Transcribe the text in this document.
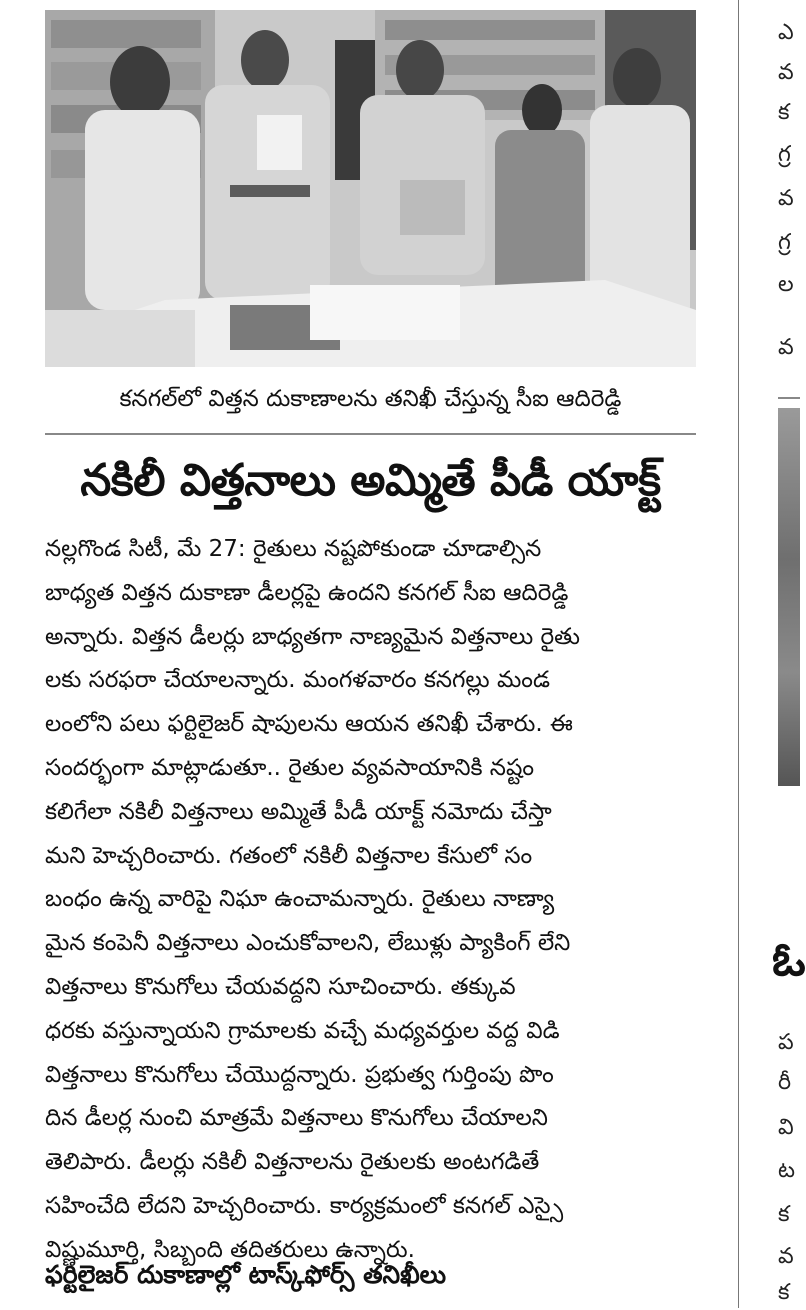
కనగల్‌లో విత్తన దుకాణాలను తనిఖీ చేస్తున్న సీఐ ఆదిరెడ్డి
నకిలీ విత్తనాలు అమ్మితే పీడీ యాక్ట్
నల్లగొండ సిటీ, మే 27: రైతులు నష్టపోకుండా చూడాల్సిన
బాధ్యత విత్తన దుకాణా డీలర్లపై ఉందని కనగల్ సీఐ ఆదిరెడ్డి
అన్నారు. విత్తన డీలర్లు బాధ్యతగా నాణ్యమైన విత్తనాలు రైతు
లకు సరఫరా చేయాలన్నారు. మంగళవారం కనగల్లు మండ
లంలోని పలు ఫర్టిలైజర్ షాపులను ఆయన తనిఖీ చేశారు. ఈ
సందర్భంగా మాట్లాడుతూ.. రైతుల వ్యవసాయానికి నష్టం
కలిగేలా నకిలీ విత్తనాలు అమ్మితే పీడీ యాక్ట్ నమోదు చేస్తా
మని హెచ్చరించారు. గతంలో నకిలీ విత్తనాల కేసులో సం
బంధం ఉన్న వారిపై నిఘా ఉంచామన్నారు. రైతులు నాణ్యా
మైన కంపెనీ విత్తనాలు ఎంచుకోవాలని, లేబుళ్లు ప్యాకింగ్ లేని
విత్తనాలు కొనుగోలు చేయవద్దని సూచించారు. తక్కువ
ధరకు వస్తున్నాయని గ్రామాలకు వచ్చే మధ్యవర్తుల వద్ద విడి
విత్తనాలు కొనుగోలు చేయొద్దన్నారు. ప్రభుత్వ గుర్తింపు పొం
దిన డీలర్ల నుంచి మాత్రమే విత్తనాలు కొనుగోలు చేయాలని
తెలిపారు. డీలర్లు నకిలీ విత్తనాలను రైతులకు అంటగడితే
సహించేది లేదని హెచ్చరించారు. కార్యక్రమంలో కనగల్ ఎస్సై
విష్ణుమూర్తి, సిబ్బంది తదితరులు ఉన్నారు.
ఫర్టిలైజర్ దుకాణాల్లో టాస్క్‌ఫోర్స్ తనిఖీలు
ఎ
వ
క
గ్ర
వ
గ్ర
ల
వ
ప
రీ
వి
ట
క
వ
క
ఓ
